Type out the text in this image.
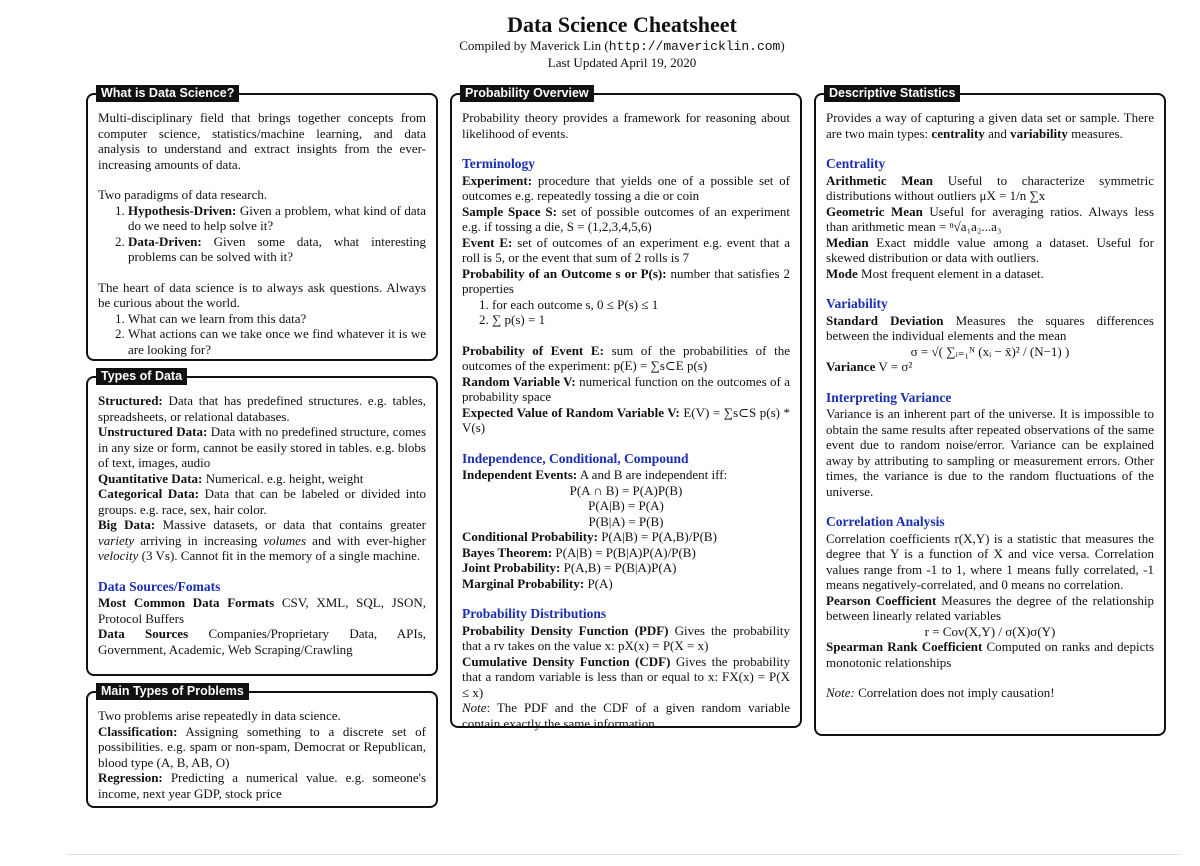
Data Science Cheatsheet
Compiled by Maverick Lin (http://mavericklin.com)
Last Updated April 19, 2020
What is Data Science?

Multi-disciplinary field that brings together concepts from computer science, statistics/machine learning, and data analysis to understand and extract insights from the ever-increasing amounts of data.

Two paradigms of data research.

1. Hypothesis-Driven: Given a problem, what kind of data do we need to help solve it?
2. Data-Driven: Given some data, what interesting problems can be solved with it?

The heart of data science is to always ask questions. Always be curious about the world.

1. What can we learn from this data?
2. What actions can we take once we find whatever it is we are looking for?
Types of Data

Structured: Data that has predefined structures. e.g. tables, spreadsheets, or relational databases.

Unstructured Data: Data with no predefined structure, comes in any size or form, cannot be easily stored in tables. e.g. blobs of text, images, audio

Quantitative Data: Numerical. e.g. height, weight

Categorical Data: Data that can be labeled or divided into groups. e.g. race, sex, hair color.

Big Data: Massive datasets, or data that contains greater variety arriving in increasing volumes and with ever-higher velocity (3 Vs). Cannot fit in the memory of a single machine.

Data Sources/Fomats

Most Common Data Formats CSV, XML, SQL, JSON, Protocol Buffers

Data Sources Companies/Proprietary Data, APIs, Government, Academic, Web Scraping/Crawling

Main Types of Problems

Two problems arise repeatedly in data science.

Classification: Assigning something to a discrete set of possibilities. e.g. spam or non-spam, Democrat or Republican, blood type (A, B, AB, O)

Regression: Predicting a numerical value. e.g. someone's income, next year GDP, stock price

Probability Overview

Probability theory provides a framework for reasoning about likelihood of events.

Terminology

Experiment: procedure that yields one of a possible set of outcomes e.g. repeatedly tossing a die or coin

Sample Space S: set of possible outcomes of an experiment e.g. if tossing a die, S = (1,2,3,4,5,6)

Event E: set of outcomes of an experiment e.g. event that a roll is 5, or the event that sum of 2 rolls is 7

Probability of an Outcome s or P(s): number that satisfies 2 properties

1. for each outcome s, 0 ≤ P(s) ≤ 1
2. ∑ p(s) = 1

Probability of Event E: sum of the probabilities of the outcomes of the experiment: p(E) = ∑s⊂E p(s)

Random Variable V: numerical function on the outcomes of a probability space

Expected Value of Random Variable V: E(V) = ∑s⊂S p(s) * V(s)

Independence, Conditional, Compound

Independent Events: A and B are independent iff:

P(A ∩ B) = P(A)P(B)
P(A|B) = P(A)
P(B|A) = P(B)

Conditional Probability: P(A|B) = P(A,B)/P(B)

Bayes Theorem: P(A|B) = P(B|A)P(A)/P(B)

Joint Probability: P(A,B) = P(B|A)P(A)

Marginal Probability: P(A)

Probability Distributions

Probability Density Function (PDF) Gives the probability that a rv takes on the value x: pX(x) = P(X = x)

Cumulative Density Function (CDF) Gives the probability that a random variable is less than or equal to x: FX(x) = P(X ≤ x)

Note: The PDF and the CDF of a given random variable contain exactly the same information.

Descriptive Statistics

Provides a way of capturing a given data set or sample. There are two main types: centrality and variability measures.

Centrality

Arithmetic Mean Useful to characterize symmetric distributions without outliers μX = 1/n ∑x

Geometric Mean Useful for averaging ratios. Always less than arithmetic mean = ⁿ√a₁a₂...a₃

Median Exact middle value among a dataset. Useful for skewed distribution or data with outliers.

Mode Most frequent element in a dataset.

Variability

Standard Deviation Measures the squares differences between the individual elements and the mean

σ = √( ∑ᵢ₌₁ᴺ (xᵢ − x̄)² / (N−1) )

Variance V = σ²

Interpreting Variance

Variance is an inherent part of the universe. It is impossible to obtain the same results after repeated observations of the same event due to random noise/error. Variance can be explained away by attributing to sampling or measurement errors. Other times, the variance is due to the random fluctuations of the universe.

Correlation Analysis

Correlation coefficients r(X,Y) is a statistic that measures the degree that Y is a function of X and vice versa. Correlation values range from -1 to 1, where 1 means fully correlated, -1 means negatively-correlated, and 0 means no correlation.

Pearson Coefficient Measures the degree of the relationship between linearly related variables

r = Cov(X,Y) / σ(X)σ(Y)

Spearman Rank Coefficient Computed on ranks and depicts monotonic relationships

Note: Correlation does not imply causation!
